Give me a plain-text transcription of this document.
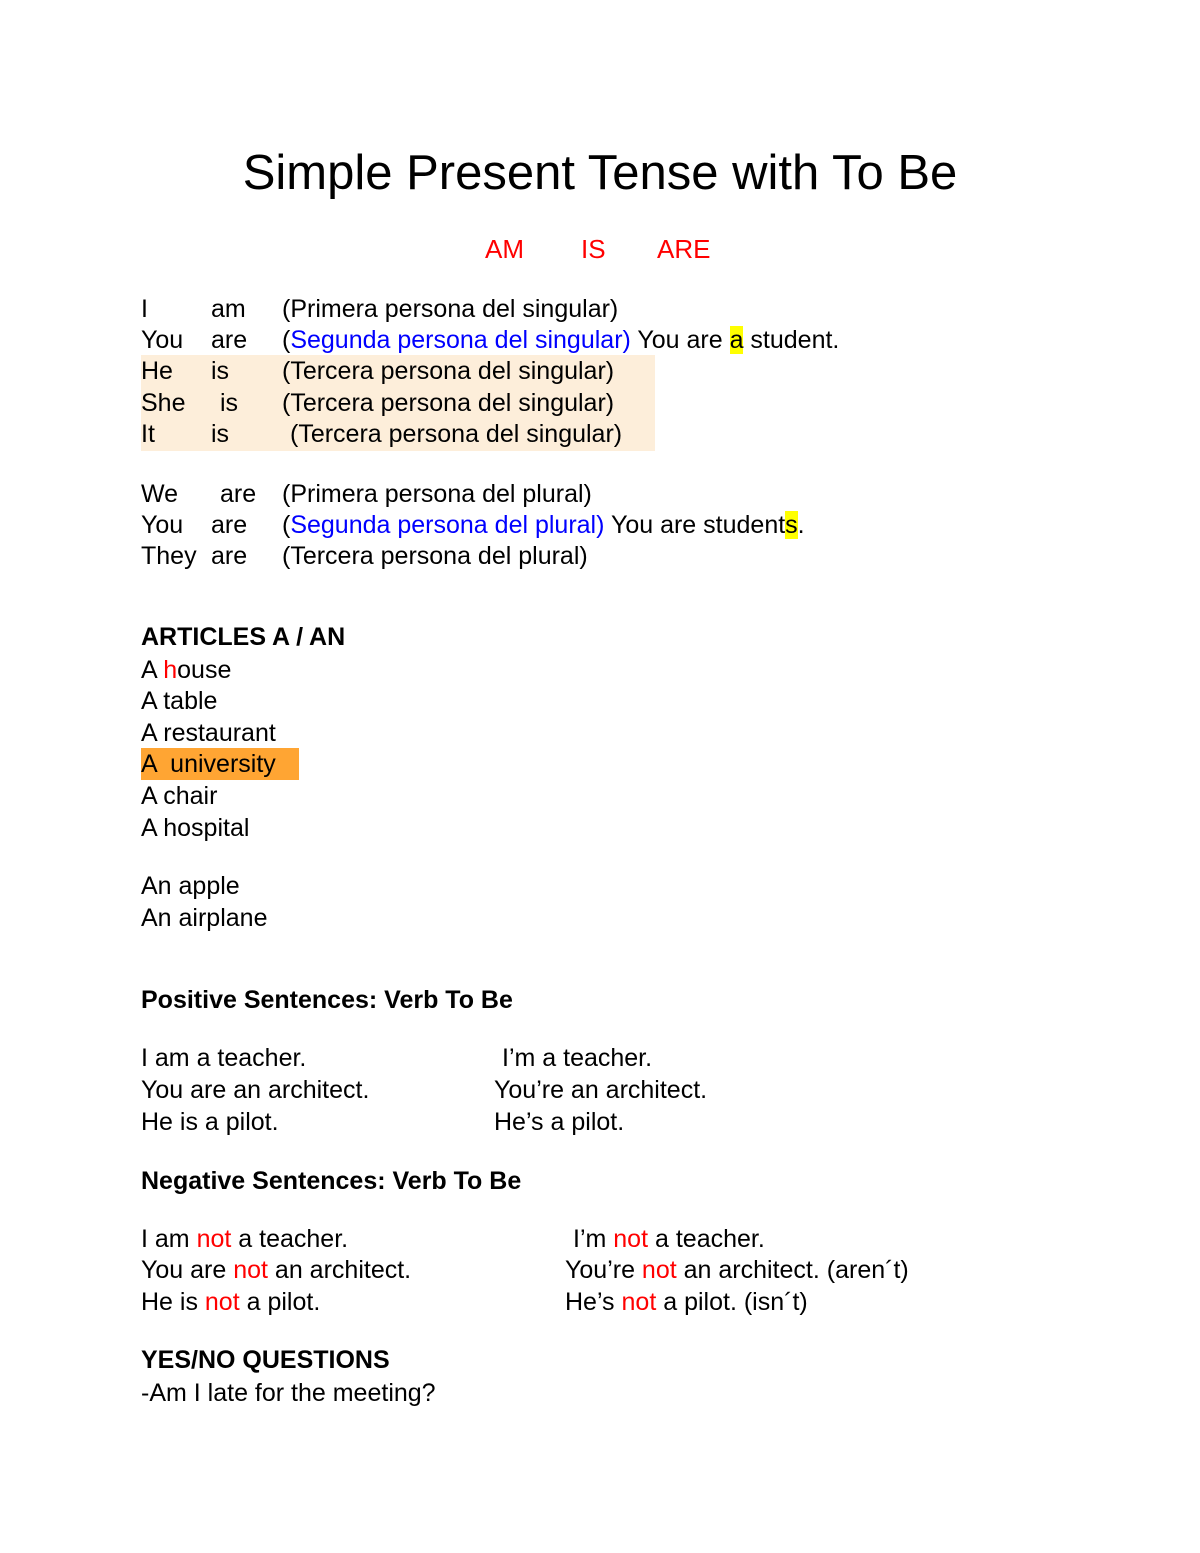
Simple Present Tense with To Be
AM IS ARE
I	am (Primera persona del singular)
You are (Segunda persona del singular) You are a student.
He is (Tercera persona del singular)
She is (Tercera persona del singular)
It is (Tercera persona del singular)
We are (Primera persona del plural)
You are (Segunda persona del plural) You are students.
They are (Tercera persona del plural)
ARTICLES A / AN
A house
A table
A restaurant
A  university
A chair
A hospital
An apple
An airplane
Positive Sentences: Verb To Be
I am a teacher.	I’m a teacher.
You are an architect.	You’re an architect.
He is a pilot.	He’s a pilot.
Negative Sentences: Verb To Be
I am not a teacher.	I’m not a teacher.
You are not an architect.	You’re not an architect. (aren´t)
He is not a pilot.	He’s not a pilot. (isn´t)
YES/NO QUESTIONS
-Am I late for the meeting?
